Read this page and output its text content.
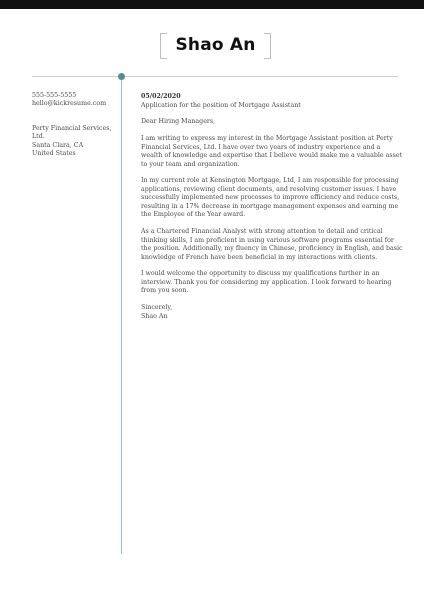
Shao An

555-555-5555

hello@kickresume.com

Perty Financial Services,

Ltd.

Santa Clara, CA

United States

05/02/2020

Application for the position of Mortgage Assistant

Dear Hiring Managers,

I am writing to express my interest in the Mortgage Assistant position at Perty Financial Services, Ltd. I have over two years of industry experience and a wealth of knowledge and expertise that I believe would make me a valuable asset to your team and organization.

In my current role at Kensington Mortgage, Ltd, I am responsible for processing applications, reviewing client documents, and resolving customer issues. I have successfully implemented new processes to improve efficiency and reduce costs, resulting in a 17% decrease in mortgage management expenses and earning me the Employee of the Year award.

As a Chartered Financial Analyst with strong attention to detail and critical thinking skills, I am proficient in using various software programs essential for the position. Additionally, my fluency in Chinese, proficiency in English, and basic knowledge of French have been beneficial in my interactions with clients.

I would welcome the opportunity to discuss my qualifications further in an interview. Thank you for considering my application. I look forward to hearing from you soon.

Sincerely,

Shao An
